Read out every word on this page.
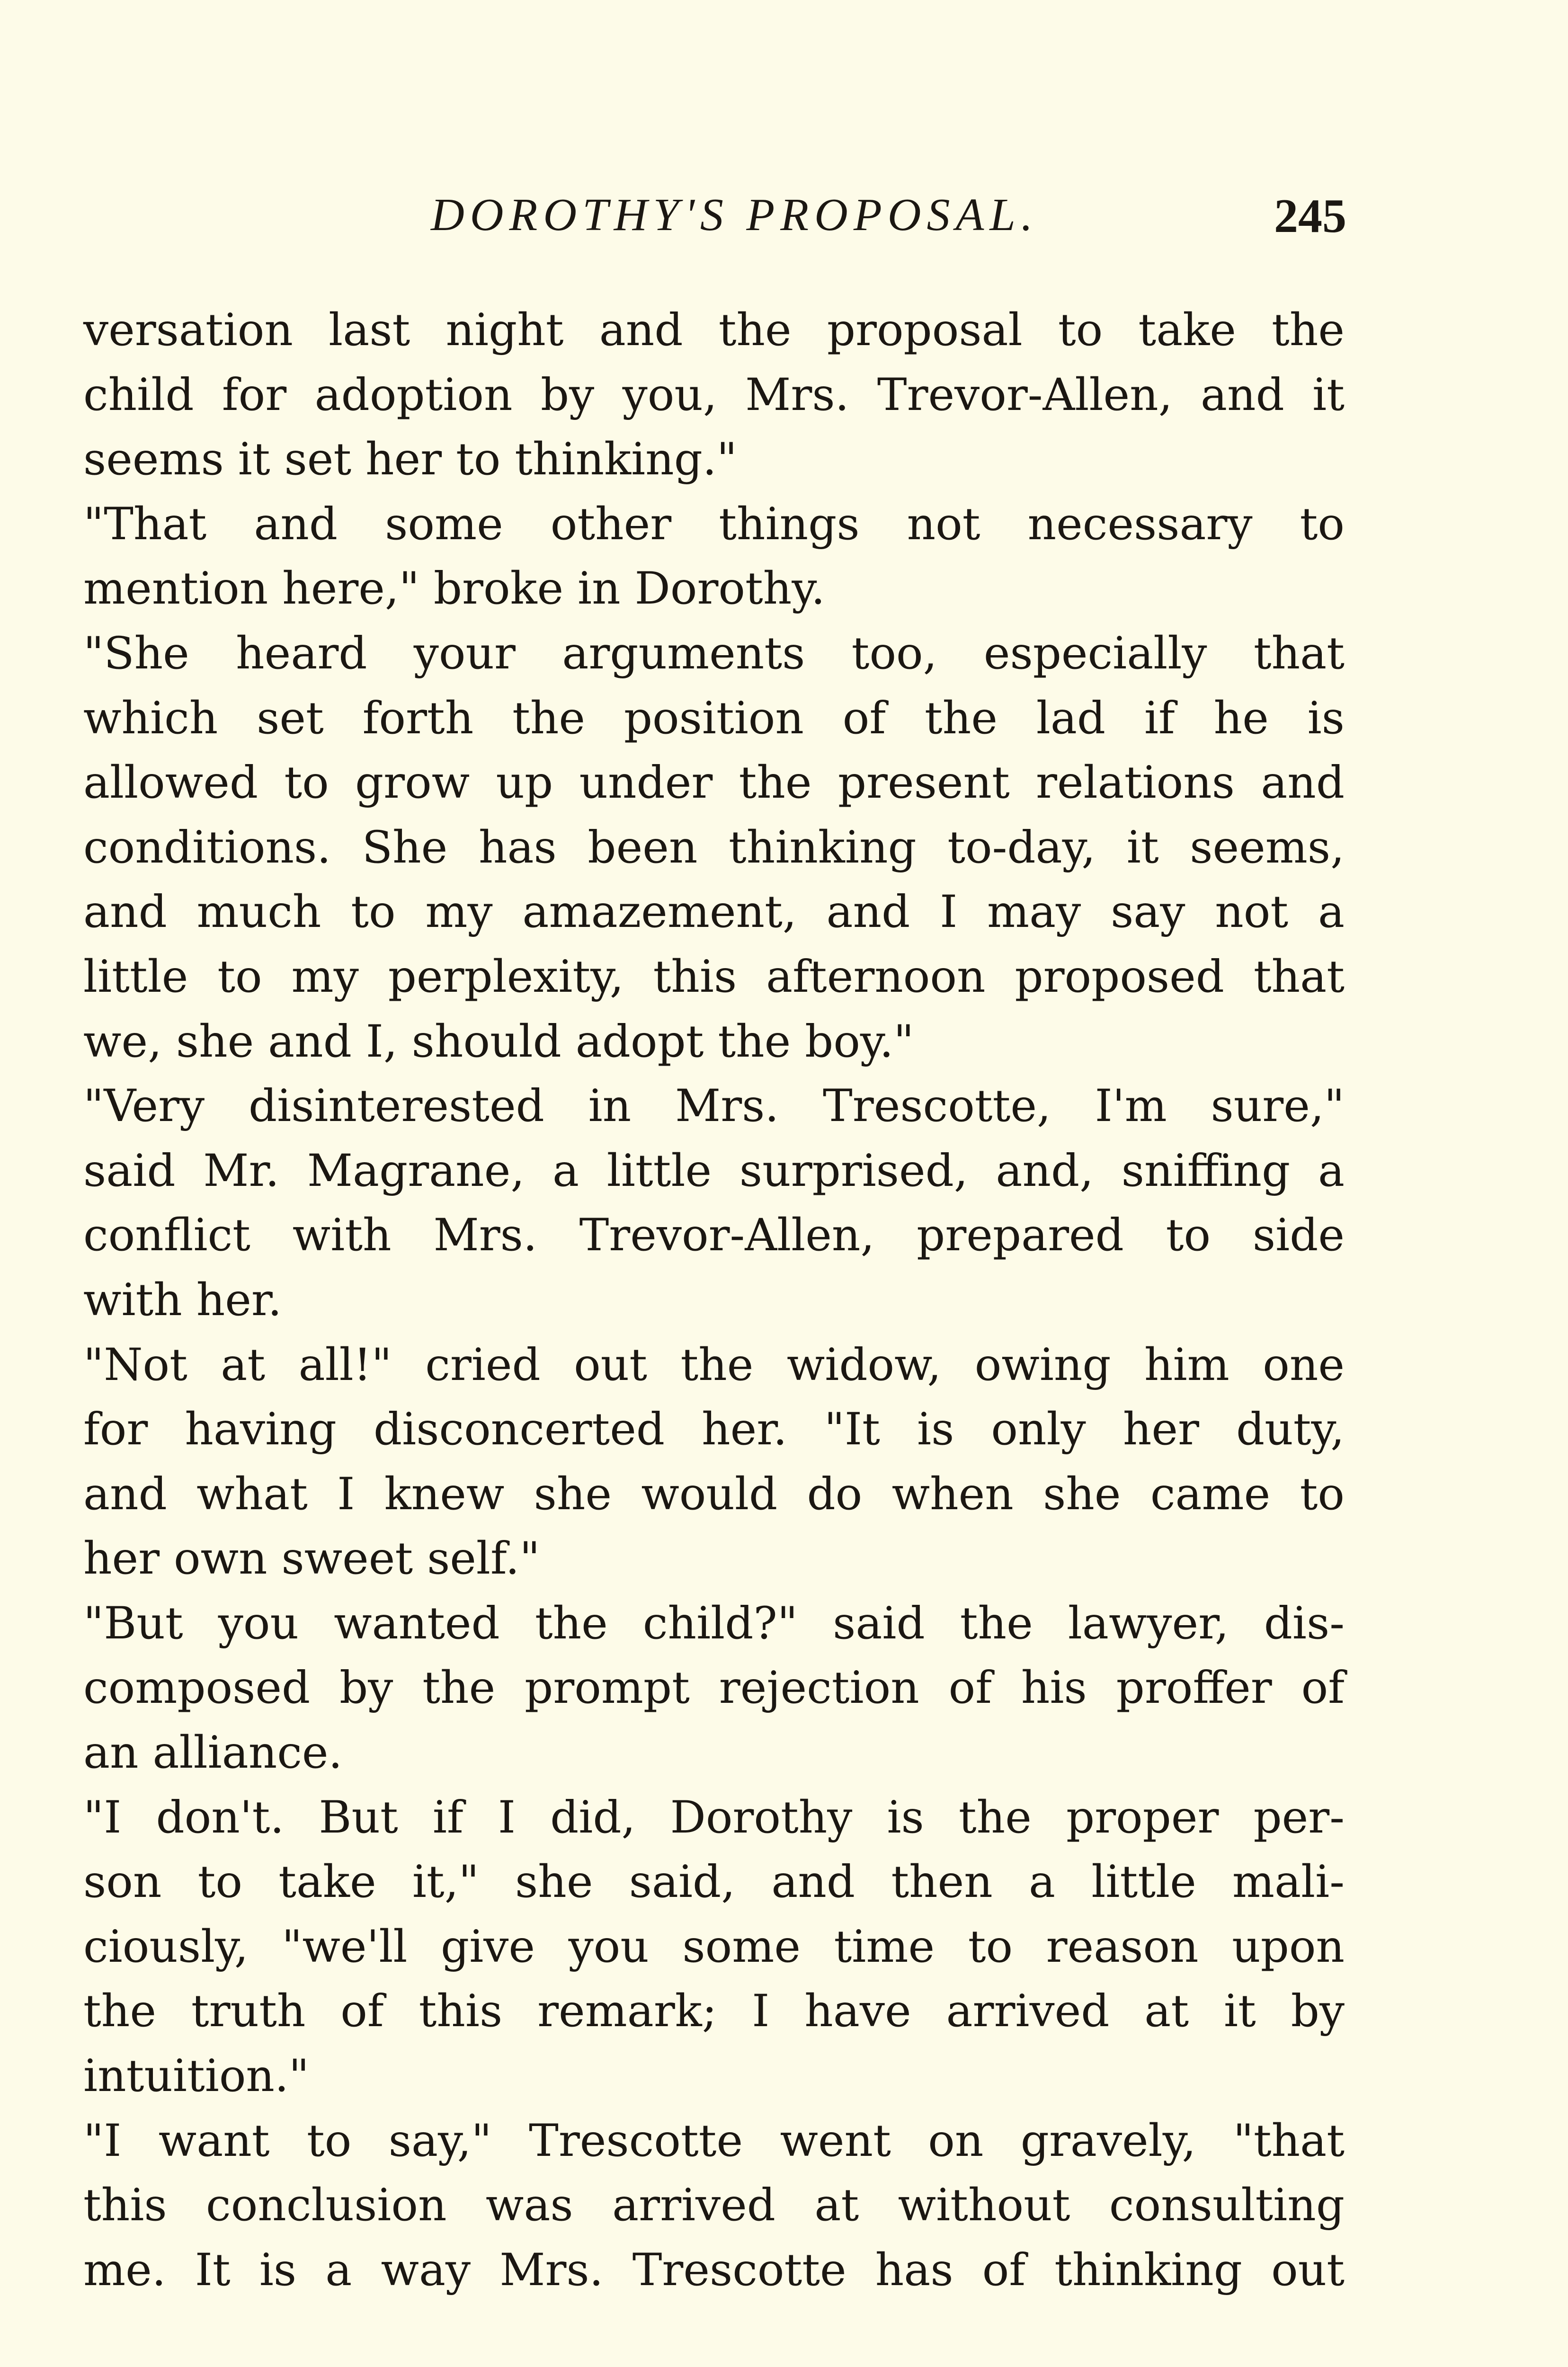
DOROTHY'S PROPOSAL.	245
versation last night and the proposal to take the
child for adoption by you, Mrs. Trevor-Allen, and it
seems it set her to thinking."
"That and some other things not necessary to
mention here," broke in Dorothy.
"She heard your arguments too, especially that
which set forth the position of the lad if he is
allowed to grow up under the present relations and
conditions. She has been thinking to-day, it seems,
and much to my amazement, and I may say not a
little to my perplexity, this afternoon proposed that
we, she and I, should adopt the boy."
"Very disinterested in Mrs. Trescotte, I'm sure,"
said Mr. Magrane, a little surprised, and, sniffing a
conflict with Mrs. Trevor-Allen, prepared to side
with her.
"Not at all!" cried out the widow, owing him one
for having disconcerted her. "It is only her duty,
and what I knew she would do when she came to
her own sweet self."
"But you wanted the child?" said the lawyer, dis-
composed by the prompt rejection of his proffer of
an alliance.
"I don't. But if I did, Dorothy is the proper per-
son to take it," she said, and then a little mali-
ciously, "we'll give you some time to reason upon
the truth of this remark; I have arrived at it by
intuition."
"I want to say," Trescotte went on gravely, "that
this conclusion was arrived at without consulting
me. It is a way Mrs. Trescotte has of thinking out
